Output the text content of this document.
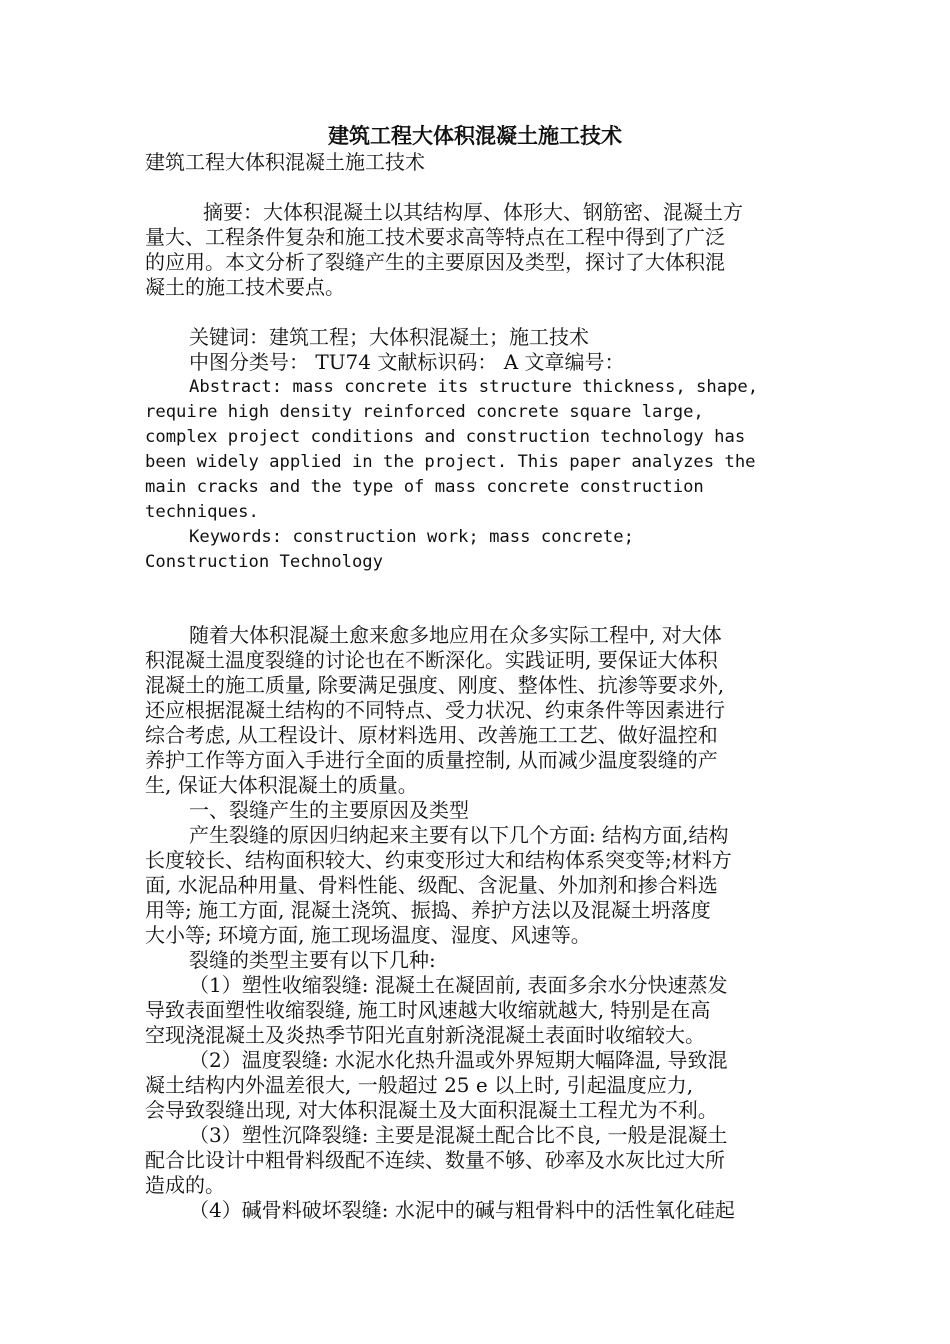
建筑工程大体积混凝土施工技术
建筑工程大体积混凝土施工技术
摘要：大体积混凝土以其结构厚、体形大、钢筋密、混凝土方
量大、工程条件复杂和施工技术要求高等特点在工程中得到了广泛
的应用。本文分析了裂缝产生的主要原因及类型，探讨了大体积混
凝土的施工技术要点。
关键词：建筑工程；大体积混凝土；施工技术
中图分类号： TU74 文献标识码： A 文章编号：
Abstract: mass concrete its structure thickness, shape,
require high density reinforced concrete square large,
complex project conditions and construction technology has
been widely applied in the project. This paper analyzes the
main cracks and the type of mass concrete construction
techniques.
Keywords: construction work; mass concrete;
Construction Technology
随着大体积混凝土愈来愈多地应用在众多实际工程中, 对大体
积混凝土温度裂缝的讨论也在不断深化。实践证明, 要保证大体积
混凝土的施工质量, 除要满足强度、刚度、整体性、抗渗等要求外,
还应根据混凝土结构的不同特点、受力状况、约束条件等因素进行
综合考虑, 从工程设计、原材料选用、改善施工工艺、做好温控和
养护工作等方面入手进行全面的质量控制, 从而减少温度裂缝的产
生, 保证大体积混凝土的质量。
一、裂缝产生的主要原因及类型
产生裂缝的原因归纳起来主要有以下几个方面: 结构方面,结构
长度较长、结构面积较大、约束变形过大和结构体系突变等;材料方
面, 水泥品种用量、骨料性能、级配、含泥量、外加剂和掺合料选
用等; 施工方面, 混凝土浇筑、振捣、养护方法以及混凝土坍落度
大小等; 环境方面, 施工现场温度、湿度、风速等。
裂缝的类型主要有以下几种:
（1）塑性收缩裂缝: 混凝土在凝固前, 表面多余水分快速蒸发
导致表面塑性收缩裂缝, 施工时风速越大收缩就越大, 特别是在高
空现浇混凝土及炎热季节阳光直射新浇混凝土表面时收缩较大。
（2）温度裂缝: 水泥水化热升温或外界短期大幅降温, 导致混
凝土结构内外温差很大, 一般超过 25 e 以上时, 引起温度应力,
会导致裂缝出现, 对大体积混凝土及大面积混凝土工程尤为不利。
（3）塑性沉降裂缝: 主要是混凝土配合比不良, 一般是混凝土
配合比设计中粗骨料级配不连续、数量不够、砂率及水灰比过大所
造成的。
（4）碱骨料破坏裂缝: 水泥中的碱与粗骨料中的活性氧化硅起
